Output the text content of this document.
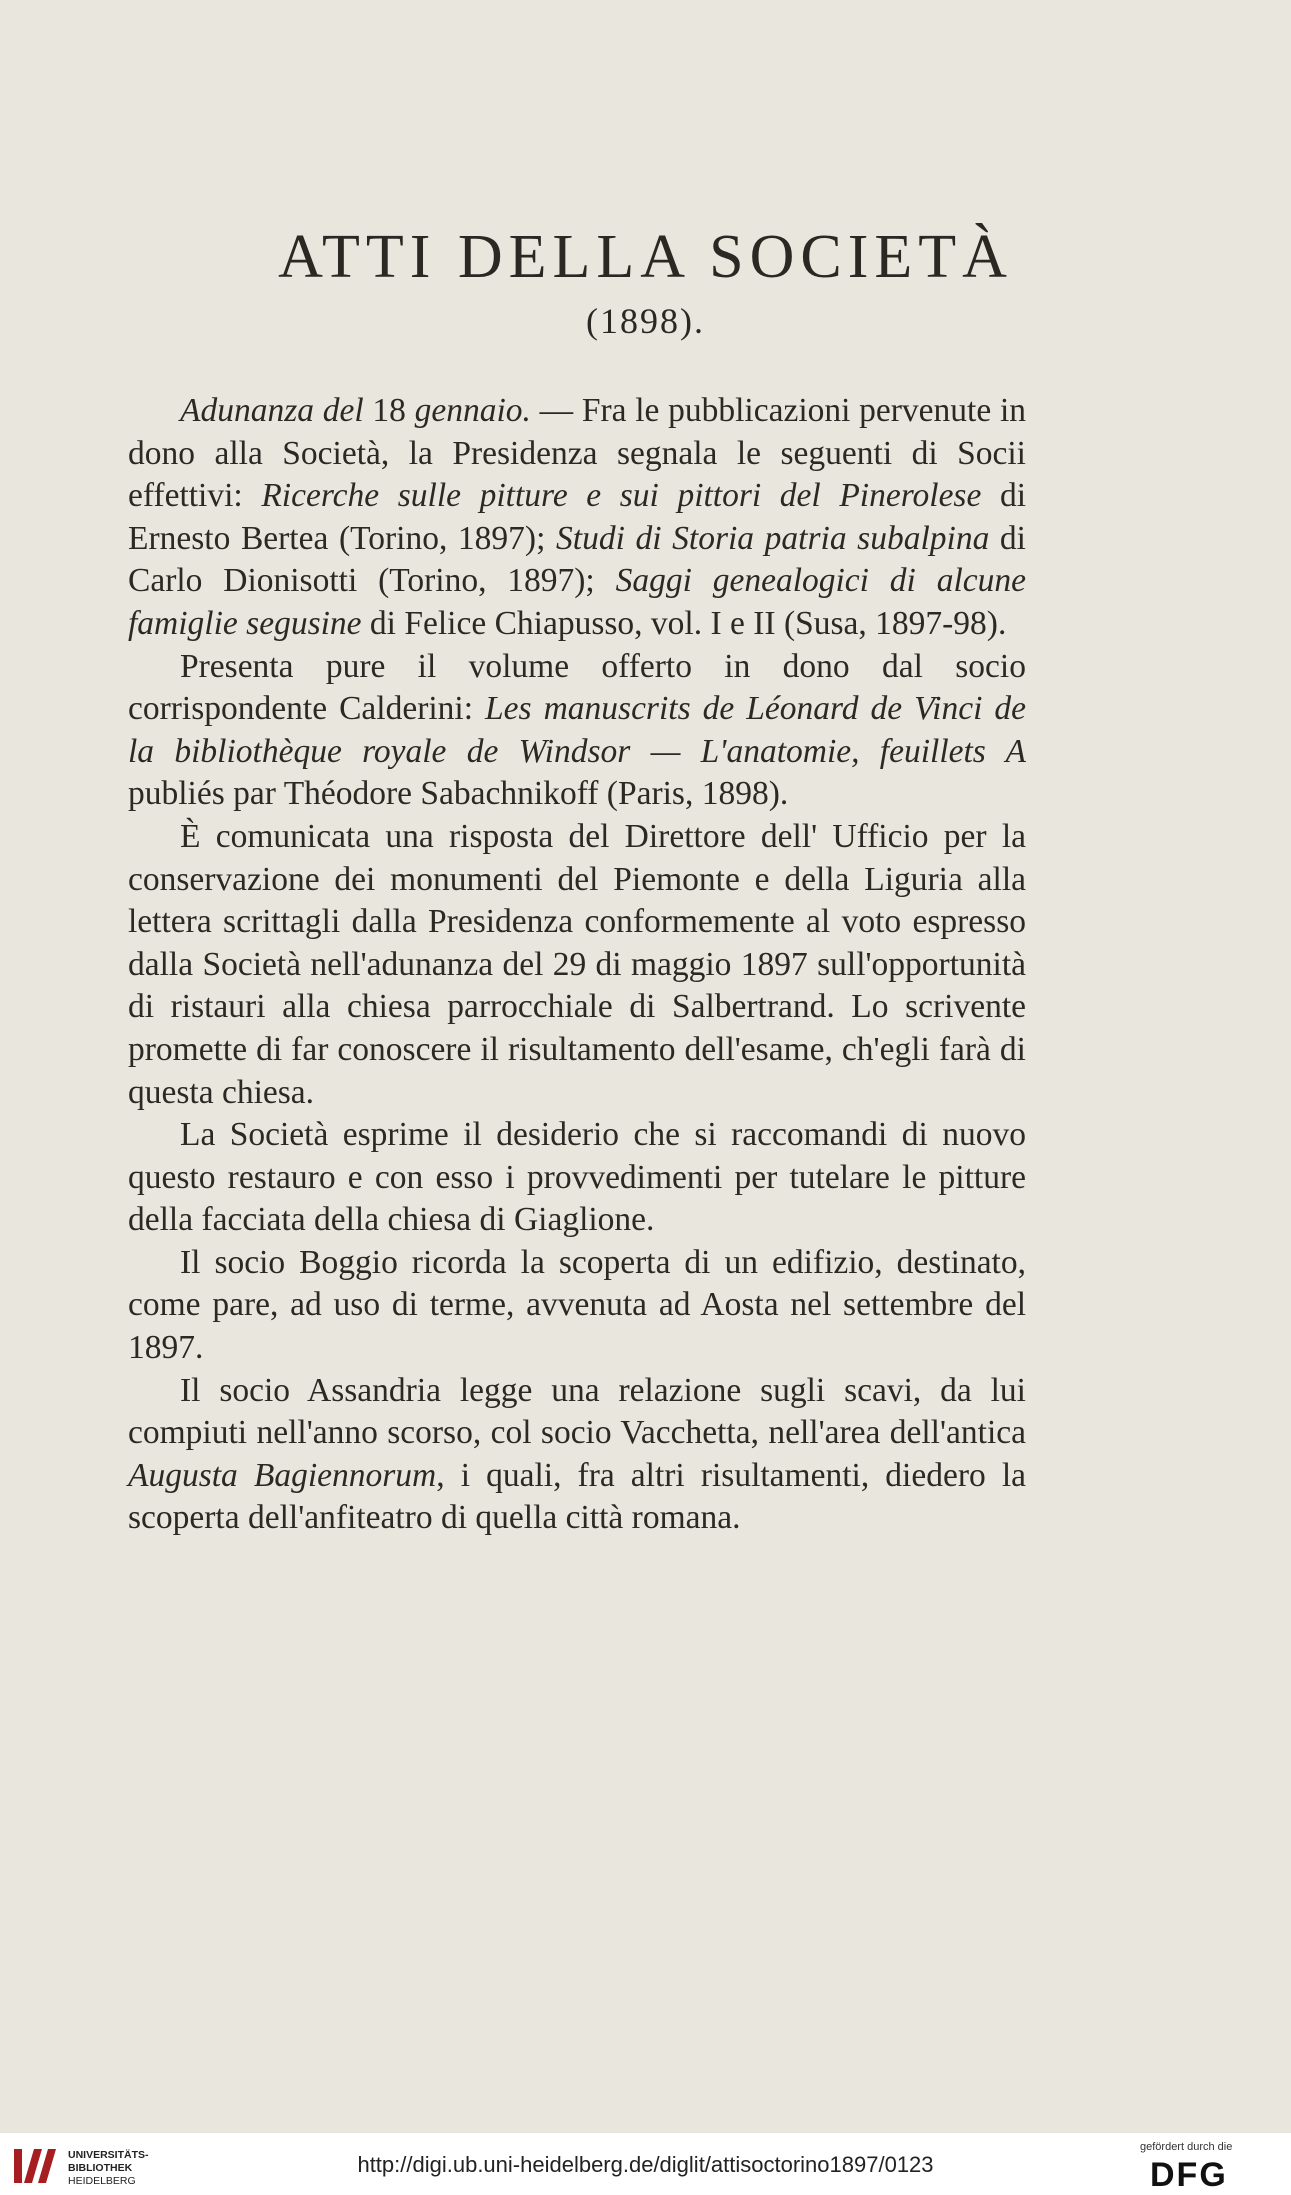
ATTI DELLA SOCIETÀ
(1898).

Adunanza del 18 gennaio. — Fra le pubblicazioni pervenute in dono alla Società, la Presidenza segnala le seguenti di Socii effettivi: Ricerche sulle pitture e sui pittori del Pinerolese di Ernesto Bertea (Torino, 1897); Studi di Storia patria subalpina di Carlo Dionisotti (Torino, 1897); Saggi genealogici di alcune famiglie segusine di Felice Chiapusso, vol. I e II (Susa, 1897-98).

Presenta pure il volume offerto in dono dal socio corrispondente Calderini: Les manuscrits de Léonard de Vinci de la bibliothèque royale de Windsor — L'anatomie, feuillets A publiés par Théodore Sabachnikoff (Paris, 1898).

È comunicata una risposta del Direttore dell' Ufficio per la conservazione dei monumenti del Piemonte e della Liguria alla lettera scrittagli dalla Presidenza conformemente al voto espresso dalla Società nell'adunanza del 29 di maggio 1897 sull'opportunità di ristauri alla chiesa parrocchiale di Salbertrand. Lo scrivente promette di far conoscere il risultamento dell'esame, ch'egli farà di questa chiesa.

La Società esprime il desiderio che si raccomandi di nuovo questo restauro e con esso i provvedimenti per tutelare le pitture della facciata della chiesa di Giaglione.

Il socio Boggio ricorda la scoperta di un edifizio, destinato, come pare, ad uso di terme, avvenuta ad Aosta nel settembre del 1897.

Il socio Assandria legge una relazione sugli scavi, da lui compiuti nell'anno scorso, col socio Vacchetta, nell'area dell'antica Augusta Bagiennorum, i quali, fra altri risultamenti, diedero la scoperta dell'anfiteatro di quella città romana.

UNIVERSITÄTS-
BIBLIOTHEK
HEIDELBERG
http://digi.ub.uni-heidelberg.de/diglit/attisoctorino1897/0123
gefördert durch die
DFG
